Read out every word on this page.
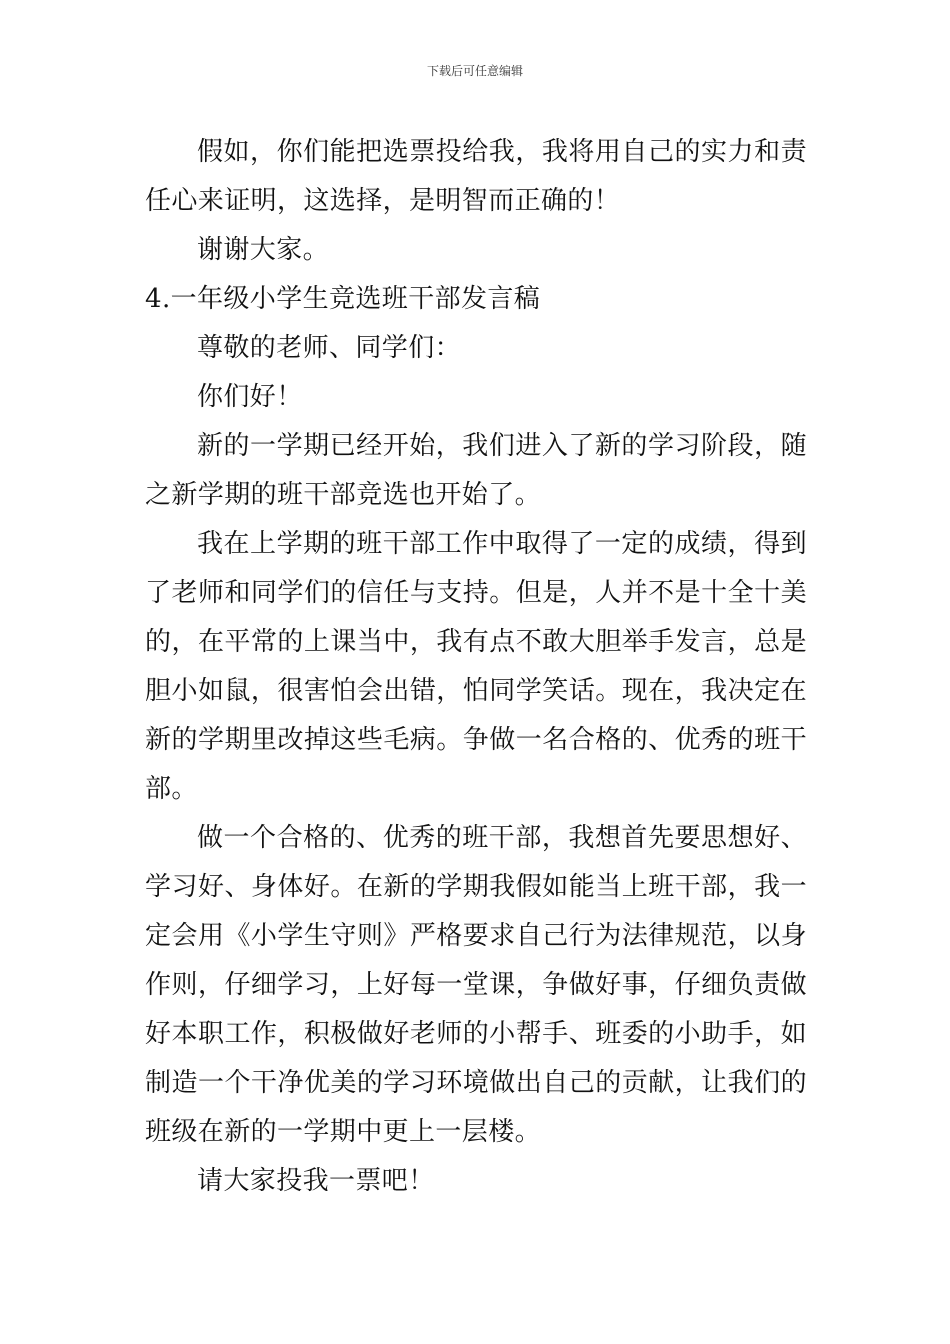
下载后可任意编辑

假如，你们能把选票投给我，我将用自己的实力和责任心来证明，这选择，是明智而正确的！

谢谢大家。

4.一年级小学生竞选班干部发言稿

尊敬的老师、同学们：

你们好！

新的一学期已经开始，我们进入了新的学习阶段，随之新学期的班干部竞选也开始了。

我在上学期的班干部工作中取得了一定的成绩，得到了老师和同学们的信任与支持。但是，人并不是十全十美的，在平常的上课当中，我有点不敢大胆举手发言，总是胆小如鼠，很害怕会出错，怕同学笑话。现在，我决定在新的学期里改掉这些毛病。争做一名合格的、优秀的班干部。

做一个合格的、优秀的班干部，我想首先要思想好、学习好、身体好。在新的学期我假如能当上班干部，我一定会用《小学生守则》严格要求自己行为法律规范，以身作则，仔细学习，上好每一堂课，争做好事，仔细负责做好本职工作，积极做好老师的小帮手、班委的小助手，如制造一个干净优美的学习环境做出自己的贡献，让我们的班级在新的一学期中更上一层楼。

请大家投我一票吧！
